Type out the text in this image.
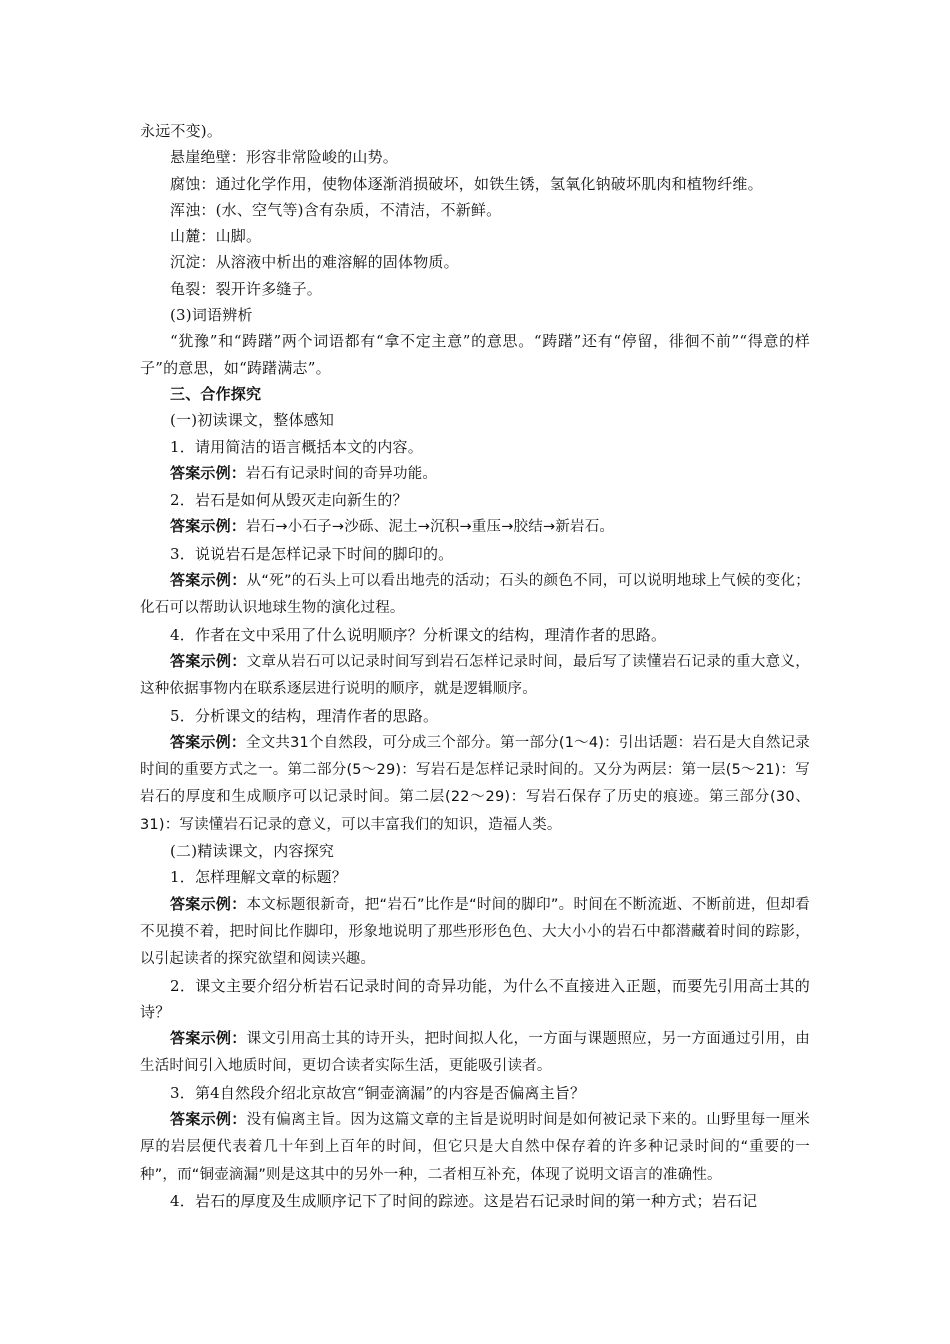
永远不变)。

悬崖绝壁：形容非常险峻的山势。

腐蚀：通过化学作用，使物体逐渐消损破坏，如铁生锈，氢氧化钠破坏肌肉和植物纤维。

浑浊：(水、空气等)含有杂质，不清洁，不新鲜。

山麓：山脚。

沉淀：从溶液中析出的难溶解的固体物质。

龟裂：裂开许多缝子。

(3)词语辨析

“犹豫”和“踌躇”两个词语都有“拿不定主意”的意思。“踌躇”还有“停留，徘徊不前”“得意的样子”的意思，如“踌躇满志”。

三、合作探究

(一)初读课文，整体感知

1．请用简洁的语言概括本文的内容。

答案示例：岩石有记录时间的奇异功能。

2．岩石是如何从毁灭走向新生的？

答案示例：岩石→小石子→沙砾、泥土→沉积→重压→胶结→新岩石。

3．说说岩石是怎样记录下时间的脚印的。

答案示例：从“死”的石头上可以看出地壳的活动；石头的颜色不同，可以说明地球上气候的变化；化石可以帮助认识地球生物的演化过程。

4．作者在文中采用了什么说明顺序？分析课文的结构，理清作者的思路。

答案示例：文章从岩石可以记录时间写到岩石怎样记录时间，最后写了读懂岩石记录的重大意义，这种依据事物内在联系逐层进行说明的顺序，就是逻辑顺序。

5．分析课文的结构，理清作者的思路。

答案示例：全文共31个自然段，可分成三个部分。第一部分(1～4)：引出话题：岩石是大自然记录时间的重要方式之一。第二部分(5～29)：写岩石是怎样记录时间的。又分为两层：第一层(5～21)：写岩石的厚度和生成顺序可以记录时间。第二层(22～29)：写岩石保存了历史的痕迹。第三部分(30、31)：写读懂岩石记录的意义，可以丰富我们的知识，造福人类。

(二)精读课文，内容探究

1．怎样理解文章的标题？

答案示例：本文标题很新奇，把“岩石”比作是“时间的脚印”。时间在不断流逝、不断前进，但却看不见摸不着，把时间比作脚印，形象地说明了那些形形色色、大大小小的岩石中都潜藏着时间的踪影，以引起读者的探究欲望和阅读兴趣。

2．课文主要介绍分析岩石记录时间的奇异功能，为什么不直接进入正题，而要先引用高士其的诗？

答案示例：课文引用高士其的诗开头，把时间拟人化，一方面与课题照应，另一方面通过引用，由生活时间引入地质时间，更切合读者实际生活，更能吸引读者。

3．第4自然段介绍北京故宫“铜壶滴漏”的内容是否偏离主旨？

答案示例：没有偏离主旨。因为这篇文章的主旨是说明时间是如何被记录下来的。山野里每一厘米厚的岩层便代表着几十年到上百年的时间，但它只是大自然中保存着的许多种记录时间的“重要的一种”，而“铜壶滴漏”则是这其中的另外一种，二者相互补充，体现了说明文语言的准确性。

4．岩石的厚度及生成顺序记下了时间的踪迹。这是岩石记录时间的第一种方式；岩石记
